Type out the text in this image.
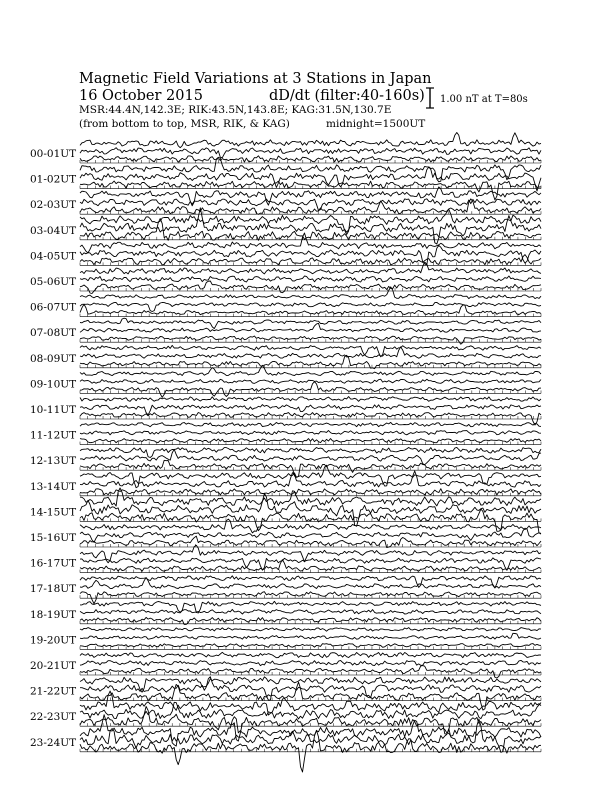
Magnetic Field Variations at 3 Stations in Japan
16 October 2015	dD/dt (filter:40-160s)
MSR:44.4N,142.3E; RIK:43.5N,143.8E; KAG:31.5N,130.7E
(from bottom to top, MSR, RIK, & KAG)	midnight=1500UT
1.00 nT at T=80s
00-01UT
01-02UT
02-03UT
03-04UT
04-05UT
05-06UT
06-07UT
07-08UT
08-09UT
09-10UT
10-11UT
11-12UT
12-13UT
13-14UT
14-15UT
15-16UT
16-17UT
17-18UT
18-19UT
19-20UT
20-21UT
21-22UT
22-23UT
23-24UT
